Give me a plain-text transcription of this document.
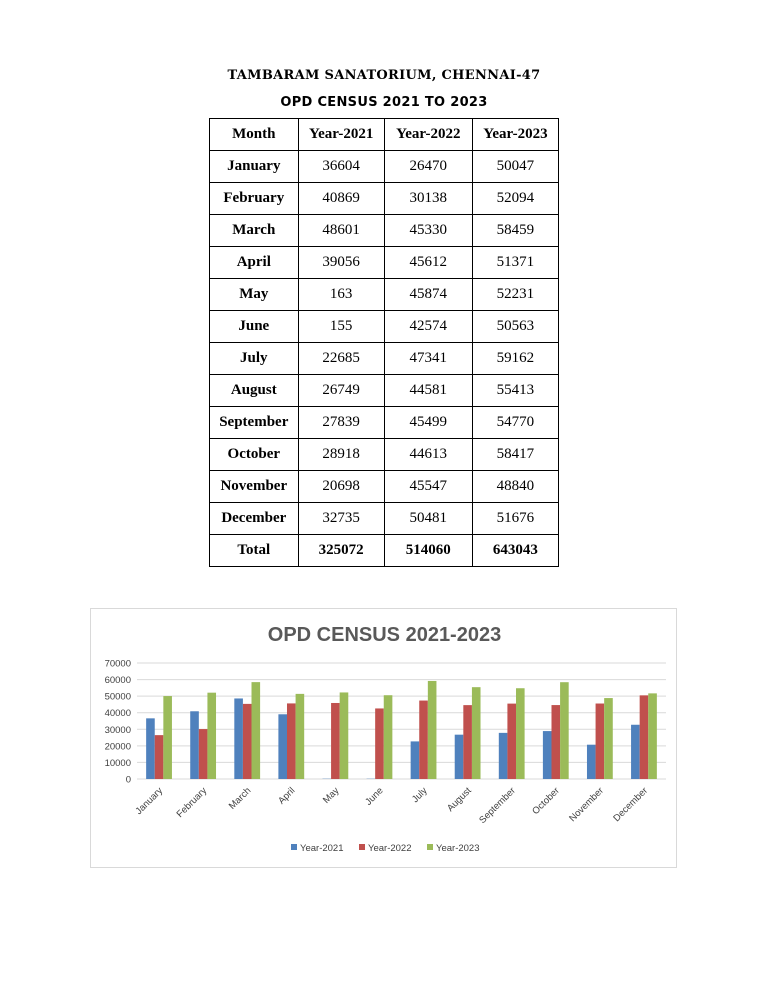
TAMBARAM SANATORIUM, CHENNAI-47
OPD CENSUS 2021 TO 2023
Month	Year-2021	Year-2022	Year-2023
January	36604	26470	50047
February	40869	30138	52094
March	48601	45330	58459
April	39056	45612	51371
May	163	45874	52231
June	155	42574	50563
July	22685	47341	59162
August	26749	44581	55413
September	27839	45499	54770
October	28918	44613	58417
November	20698	45547	48840
December	32735	50481	51676
Total	325072	514060	643043
OPD CENSUS 2021-2023
0
10000
20000
30000
40000
50000
60000
70000
January February March April May June	July August September October November December
Year-2021	Year-2022	Year-2023
